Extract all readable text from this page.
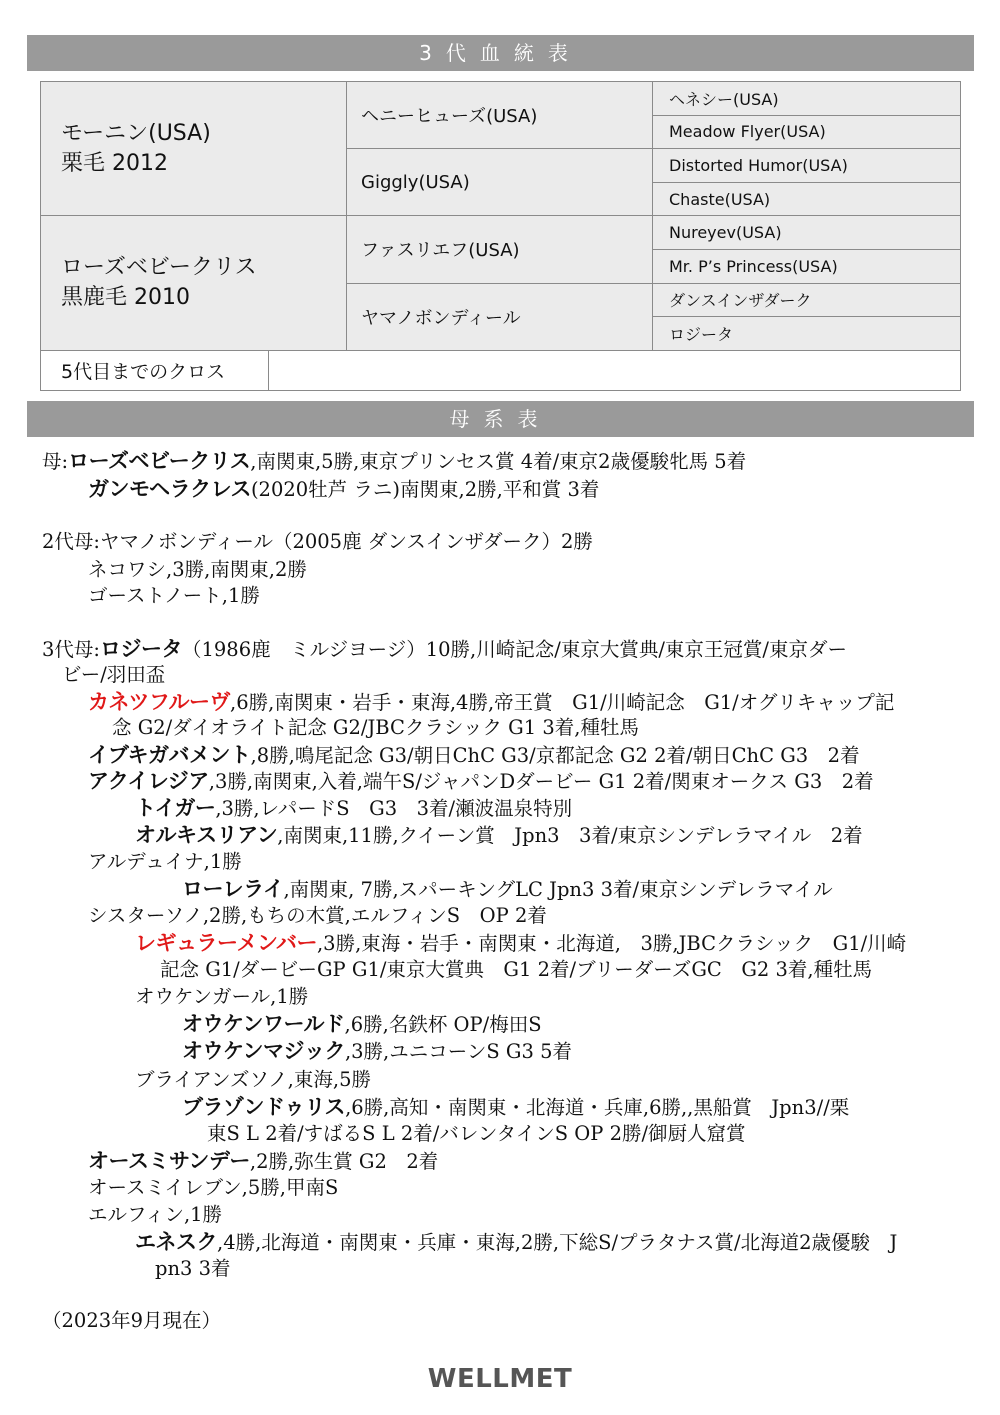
3代血統表
モーニン(USA)
栗毛 2012	ヘニーヒューズ(USA)	ヘネシー(USA)
		Meadow Flyer(USA)
	Giggly(USA)	Distorted Humor(USA)
		Chaste(USA)

ローズベビークリス
黒鹿毛 2010	ファスリエフ(USA)	Nureyev(USA)
		Mr. P’s Princess(USA)
	ヤマノボンディール	ダンスインザダーク
		ロジータ
5代目までのクロス	
母系表
母:ローズベビークリス,南関東,5勝,東京プリンセス賞 4着/東京2歳優駿牝馬 5着
ガンモヘラクレス(2020牡芦 ラニ)南関東,2勝,平和賞 3着
2代母:ヤマノボンディール（2005鹿 ダンスインザダーク）2勝
ネコワシ,3勝,南関東,2勝
ゴーストノート,1勝
3代母:ロジータ（1986鹿　ミルジヨージ）10勝,川崎記念/東京大賞典/東京王冠賞/東京ダー
ビー/羽田盃
カネツフルーヴ,6勝,南関東・岩手・東海,4勝,帝王賞　G1/川崎記念　G1/オグリキャップ記
念 G2/ダイオライト記念 G2/JBCクラシック G1 3着,種牡馬
イブキガバメント,8勝,鳴尾記念 G3/朝日ChC G3/京都記念 G2 2着/朝日ChC G3　2着
アクイレジア,3勝,南関東,入着,端午S/ジャパンDダービー G1 2着/関東オークス G3　2着
トイガー,3勝,レパードS　G3　3着/瀬波温泉特別
オルキスリアン,南関東,11勝,クイーン賞　Jpn3　3着/東京シンデレラマイル　2着
アルデュイナ,1勝
ローレライ,南関東, 7勝,スパーキングLC Jpn3 3着/東京シンデレラマイル
シスターソノ,2勝,もちの木賞,エルフィンS　OP 2着
レギュラーメンバー,3勝,東海・岩手・南関東・北海道,　3勝,JBCクラシック　G1/川崎
記念 G1/ダービーGP G1/東京大賞典　G1 2着/ブリーダーズGC　G2 3着,種牡馬
オウケンガール,1勝
オウケンワールド,6勝,名鉄杯 OP/梅田S
オウケンマジック,3勝,ユニコーンS G3 5着
ブライアンズソノ,東海,5勝
ブラゾンドゥリス,6勝,高知・南関東・北海道・兵庫,6勝,,黒船賞　Jpn3//栗
東S L 2着/すばるS L 2着/バレンタインS OP 2勝/御厨人窟賞
オースミサンデー,2勝,弥生賞 G2　2着
オースミイレブン,5勝,甲南S
エルフィン,1勝
エネスク,4勝,北海道・南関東・兵庫・東海,2勝,下総S/プラタナス賞/北海道2歳優駿　J
pn3 3着
（2023年9月現在）
WELLMET
